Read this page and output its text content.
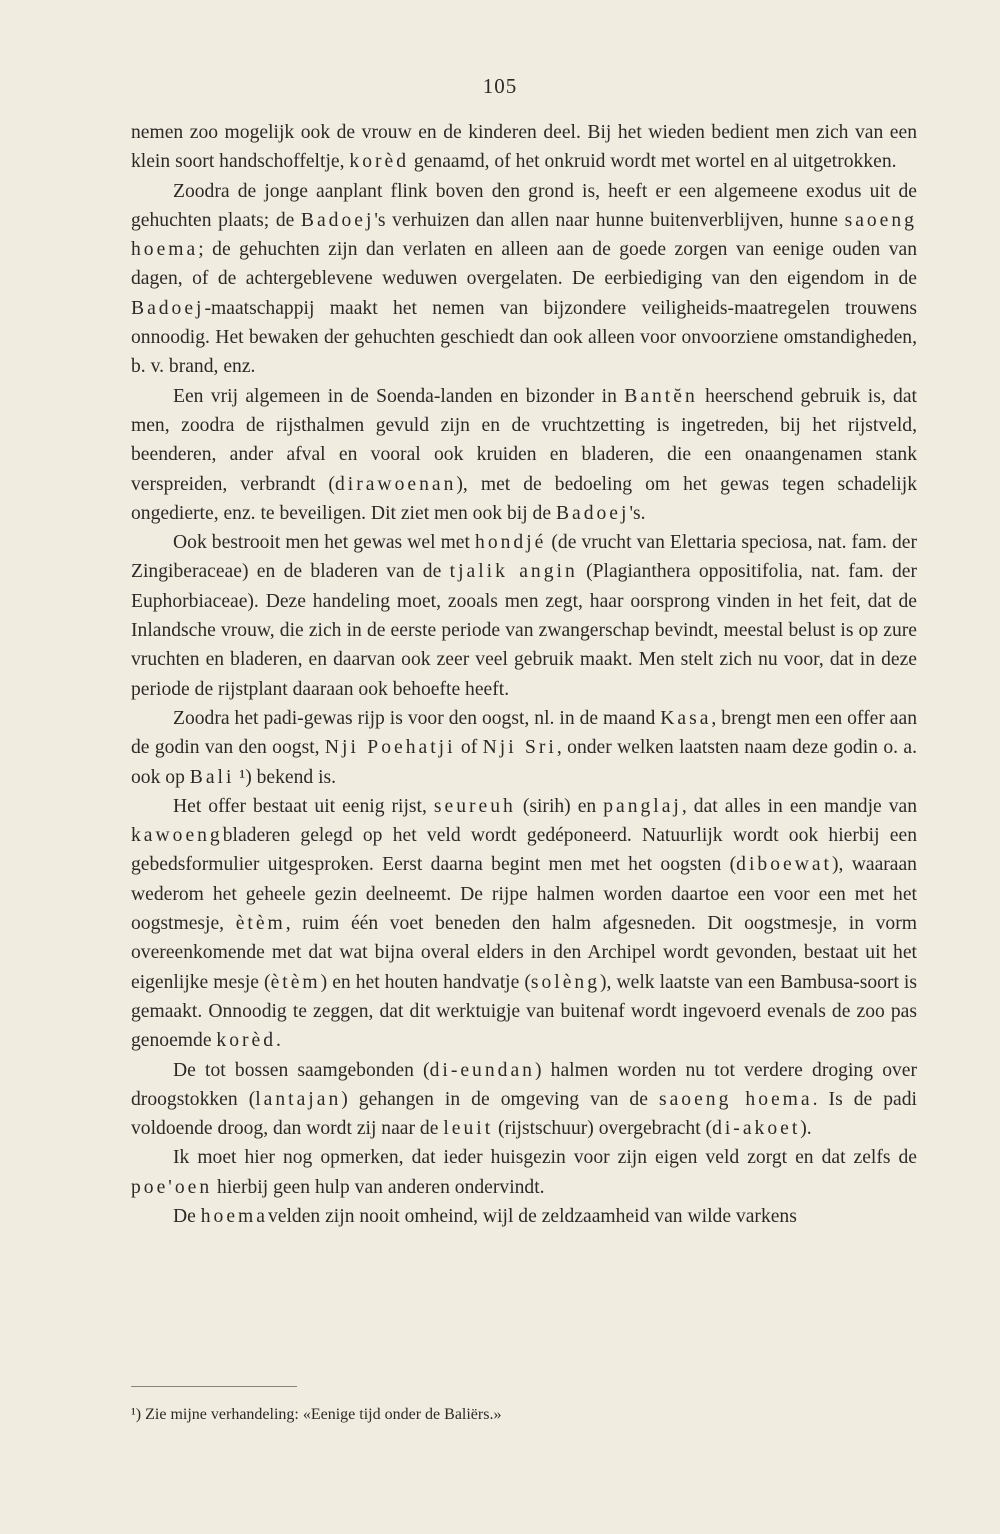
105

nemen zoo mogelijk ook de vrouw en de kinderen deel. Bij het wieden bedient men zich van een klein soort handschoffeltje, korèd genaamd, of het onkruid wordt met wortel en al uitgetrokken.

Zoodra de jonge aanplant flink boven den grond is, heeft er een algemeene exodus uit de gehuchten plaats; de Badoej's verhuizen dan allen naar hunne buitenverblijven, hunne saoeng hoema; de gehuchten zijn dan verlaten en alleen aan de goede zorgen van eenige ouden van dagen, of de achtergeblevene weduwen overgelaten. De eerbiediging van den eigendom in de Badoej-maatschappij maakt het nemen van bijzondere veiligheids-maatregelen trouwens onnoodig. Het bewaken der gehuchten geschiedt dan ook alleen voor onvoorziene omstandigheden, b. v. brand, enz.

Een vrij algemeen in de Soenda-landen en bizonder in Bantĕn heerschend gebruik is, dat men, zoodra de rijsthalmen gevuld zijn en de vruchtzetting is ingetreden, bij het rijstveld, beenderen, ander afval en vooral ook kruiden en bladeren, die een onaangenamen stank verspreiden, verbrandt (dirawoenan), met de bedoeling om het gewas tegen schadelijk ongedierte, enz. te beveiligen. Dit ziet men ook bij de Badoej's.

Ook bestrooit men het gewas wel met hondjé (de vrucht van Elettaria speciosa, nat. fam. der Zingiberaceae) en de bladeren van de tjalik angin (Plagianthera oppositifolia, nat. fam. der Euphorbiaceae). Deze handeling moet, zooals men zegt, haar oorsprong vinden in het feit, dat de Inlandsche vrouw, die zich in de eerste periode van zwangerschap bevindt, meestal belust is op zure vruchten en bladeren, en daarvan ook zeer veel gebruik maakt. Men stelt zich nu voor, dat in deze periode de rijstplant daaraan ook behoefte heeft.

Zoodra het padi-gewas rijp is voor den oogst, nl. in de maand Kasa, brengt men een offer aan de godin van den oogst, Nji Poehatji of Nji Sri, onder welken laatsten naam deze godin o. a. ook op Bali ¹) bekend is.

Het offer bestaat uit eenig rijst, seureuh (sirih) en panglaj, dat alles in een mandje van kawoengbladeren gelegd op het veld wordt gedéponeerd. Natuurlijk wordt ook hierbij een gebedsformulier uitgesproken. Eerst daarna begint men met het oogsten (diboewat), waaraan wederom het geheele gezin deelneemt. De rijpe halmen worden daartoe een voor een met het oogstmesje, ètèm, ruim één voet beneden den halm afgesneden. Dit oogstmesje, in vorm overeenkomende met dat wat bijna overal elders in den Archipel wordt gevonden, bestaat uit het eigenlijke mesje (ètèm) en het houten handvatje (solèng), welk laatste van een Bambusa-soort is gemaakt. Onnoodig te zeggen, dat dit werktuigje van buitenaf wordt ingevoerd evenals de zoo pas genoemde korèd.

De tot bossen saamgebonden (di-eundan) halmen worden nu tot verdere droging over droogstokken (lantajan) gehangen in de omgeving van de saoeng hoema. Is de padi voldoende droog, dan wordt zij naar de leuit (rijstschuur) overgebracht (di-akoet).

Ik moet hier nog opmerken, dat ieder huisgezin voor zijn eigen veld zorgt en dat zelfs de poe'oen hierbij geen hulp van anderen ondervindt.

De hoemavelden zijn nooit omheind, wijl de zeldzaamheid van wilde varkens

¹) Zie mijne verhandeling: «Eenige tijd onder de Baliërs.»
